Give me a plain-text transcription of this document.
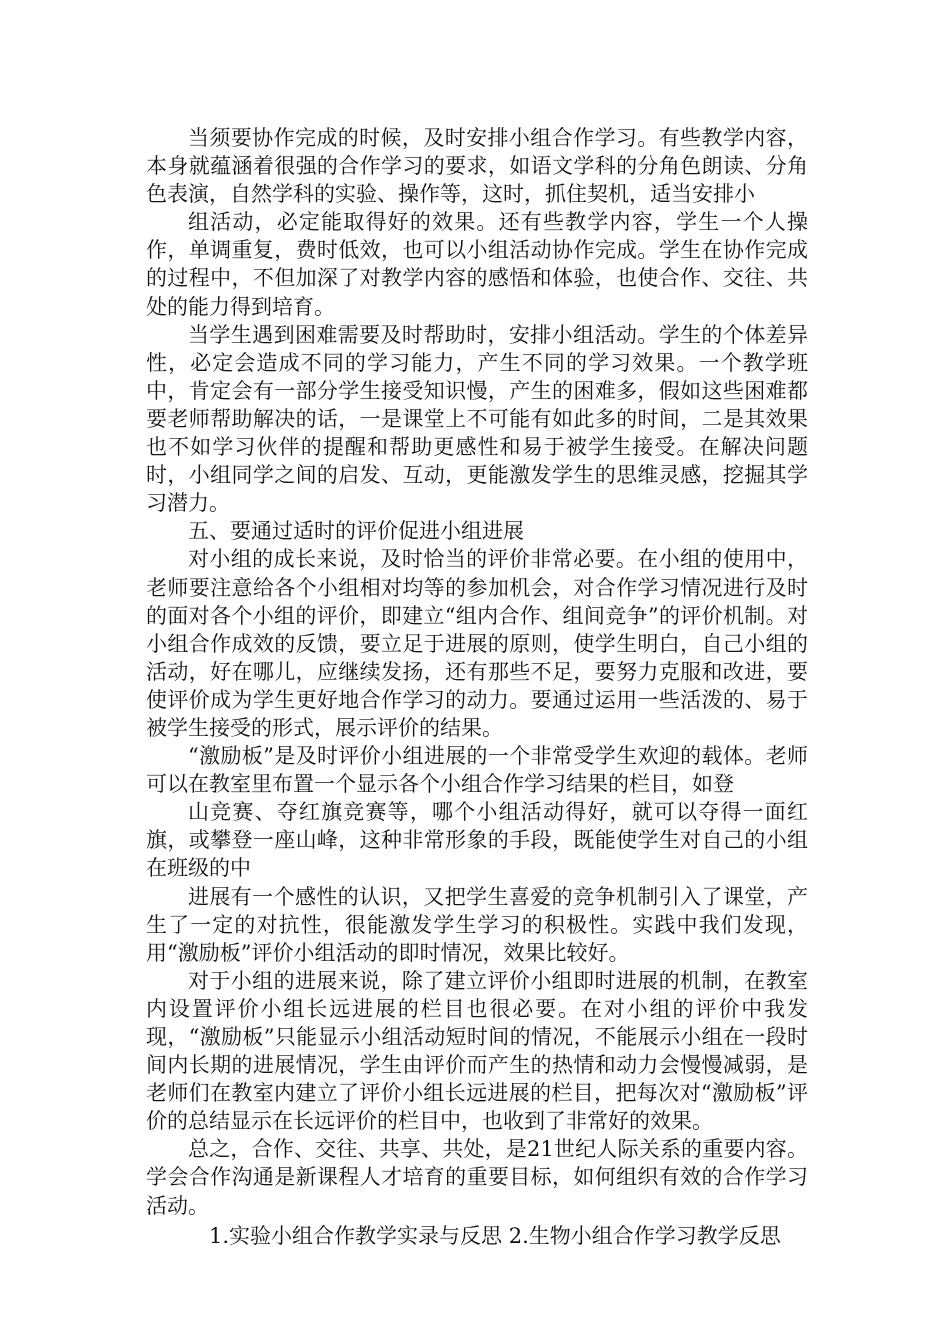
当须要协作完成的时候，及时安排小组合作学习。有些教学内容，本身就蕴涵着很强的合作学习的要求，如语文学科的分角色朗读、分角色表演，自然学科的实验、操作等，这时，抓住契机，适当安排小

组活动，必定能取得好的效果。还有些教学内容，学生一个人操作，单调重复，费时低效，也可以小组活动协作完成。学生在协作完成的过程中，不但加深了对教学内容的感悟和体验，也使合作、交往、共处的能力得到培育。

当学生遇到困难需要及时帮助时，安排小组活动。学生的个体差异性，必定会造成不同的学习能力，产生不同的学习效果。一个教学班中，肯定会有一部分学生接受知识慢，产生的困难多，假如这些困难都要老师帮助解决的话，一是课堂上不可能有如此多的时间，二是其效果也不如学习伙伴的提醒和帮助更感性和易于被学生接受。在解决问题时，小组同学之间的启发、互动，更能激发学生的思维灵感，挖掘其学习潜力。

五、要通过适时的评价促进小组进展

对小组的成长来说，及时恰当的评价非常必要。在小组的使用中，老师要注意给各个小组相对均等的参加机会，对合作学习情况进行及时的面对各个小组的评价，即建立“组内合作、组间竞争”的评价机制。对小组合作成效的反馈，要立足于进展的原则，使学生明白，自己小组的活动，好在哪儿，应继续发扬，还有那些不足，要努力克服和改进，要使评价成为学生更好地合作学习的动力。要通过运用一些活泼的、易于被学生接受的形式，展示评价的结果。

“激励板”是及时评价小组进展的一个非常受学生欢迎的载体。老师可以在教室里布置一个显示各个小组合作学习结果的栏目，如登

山竞赛、夺红旗竞赛等，哪个小组活动得好，就可以夺得一面红旗，或攀登一座山峰，这种非常形象的手段，既能使学生对自己的小组在班级的中

进展有一个感性的认识，又把学生喜爱的竞争机制引入了课堂，产生了一定的对抗性，很能激发学生学习的积极性。实践中我们发现，用“激励板”评价小组活动的即时情况，效果比较好。

对于小组的进展来说，除了建立评价小组即时进展的机制，在教室内设置评价小组长远进展的栏目也很必要。在对小组的评价中我发现，“激励板”只能显示小组活动短时间的情况，不能展示小组在一段时间内长期的进展情况，学生由评价而产生的热情和动力会慢慢减弱，是老师们在教室内建立了评价小组长远进展的栏目，把每次对“激励板”评价的总结显示在长远评价的栏目中，也收到了非常好的效果。

总之，合作、交往、共享、共处，是21世纪人际关系的重要内容。学会合作沟通是新课程人才培育的重要目标，如何组织有效的合作学习活动。

1.实验小组合作教学实录与反思 2.生物小组合作学习教学反思
